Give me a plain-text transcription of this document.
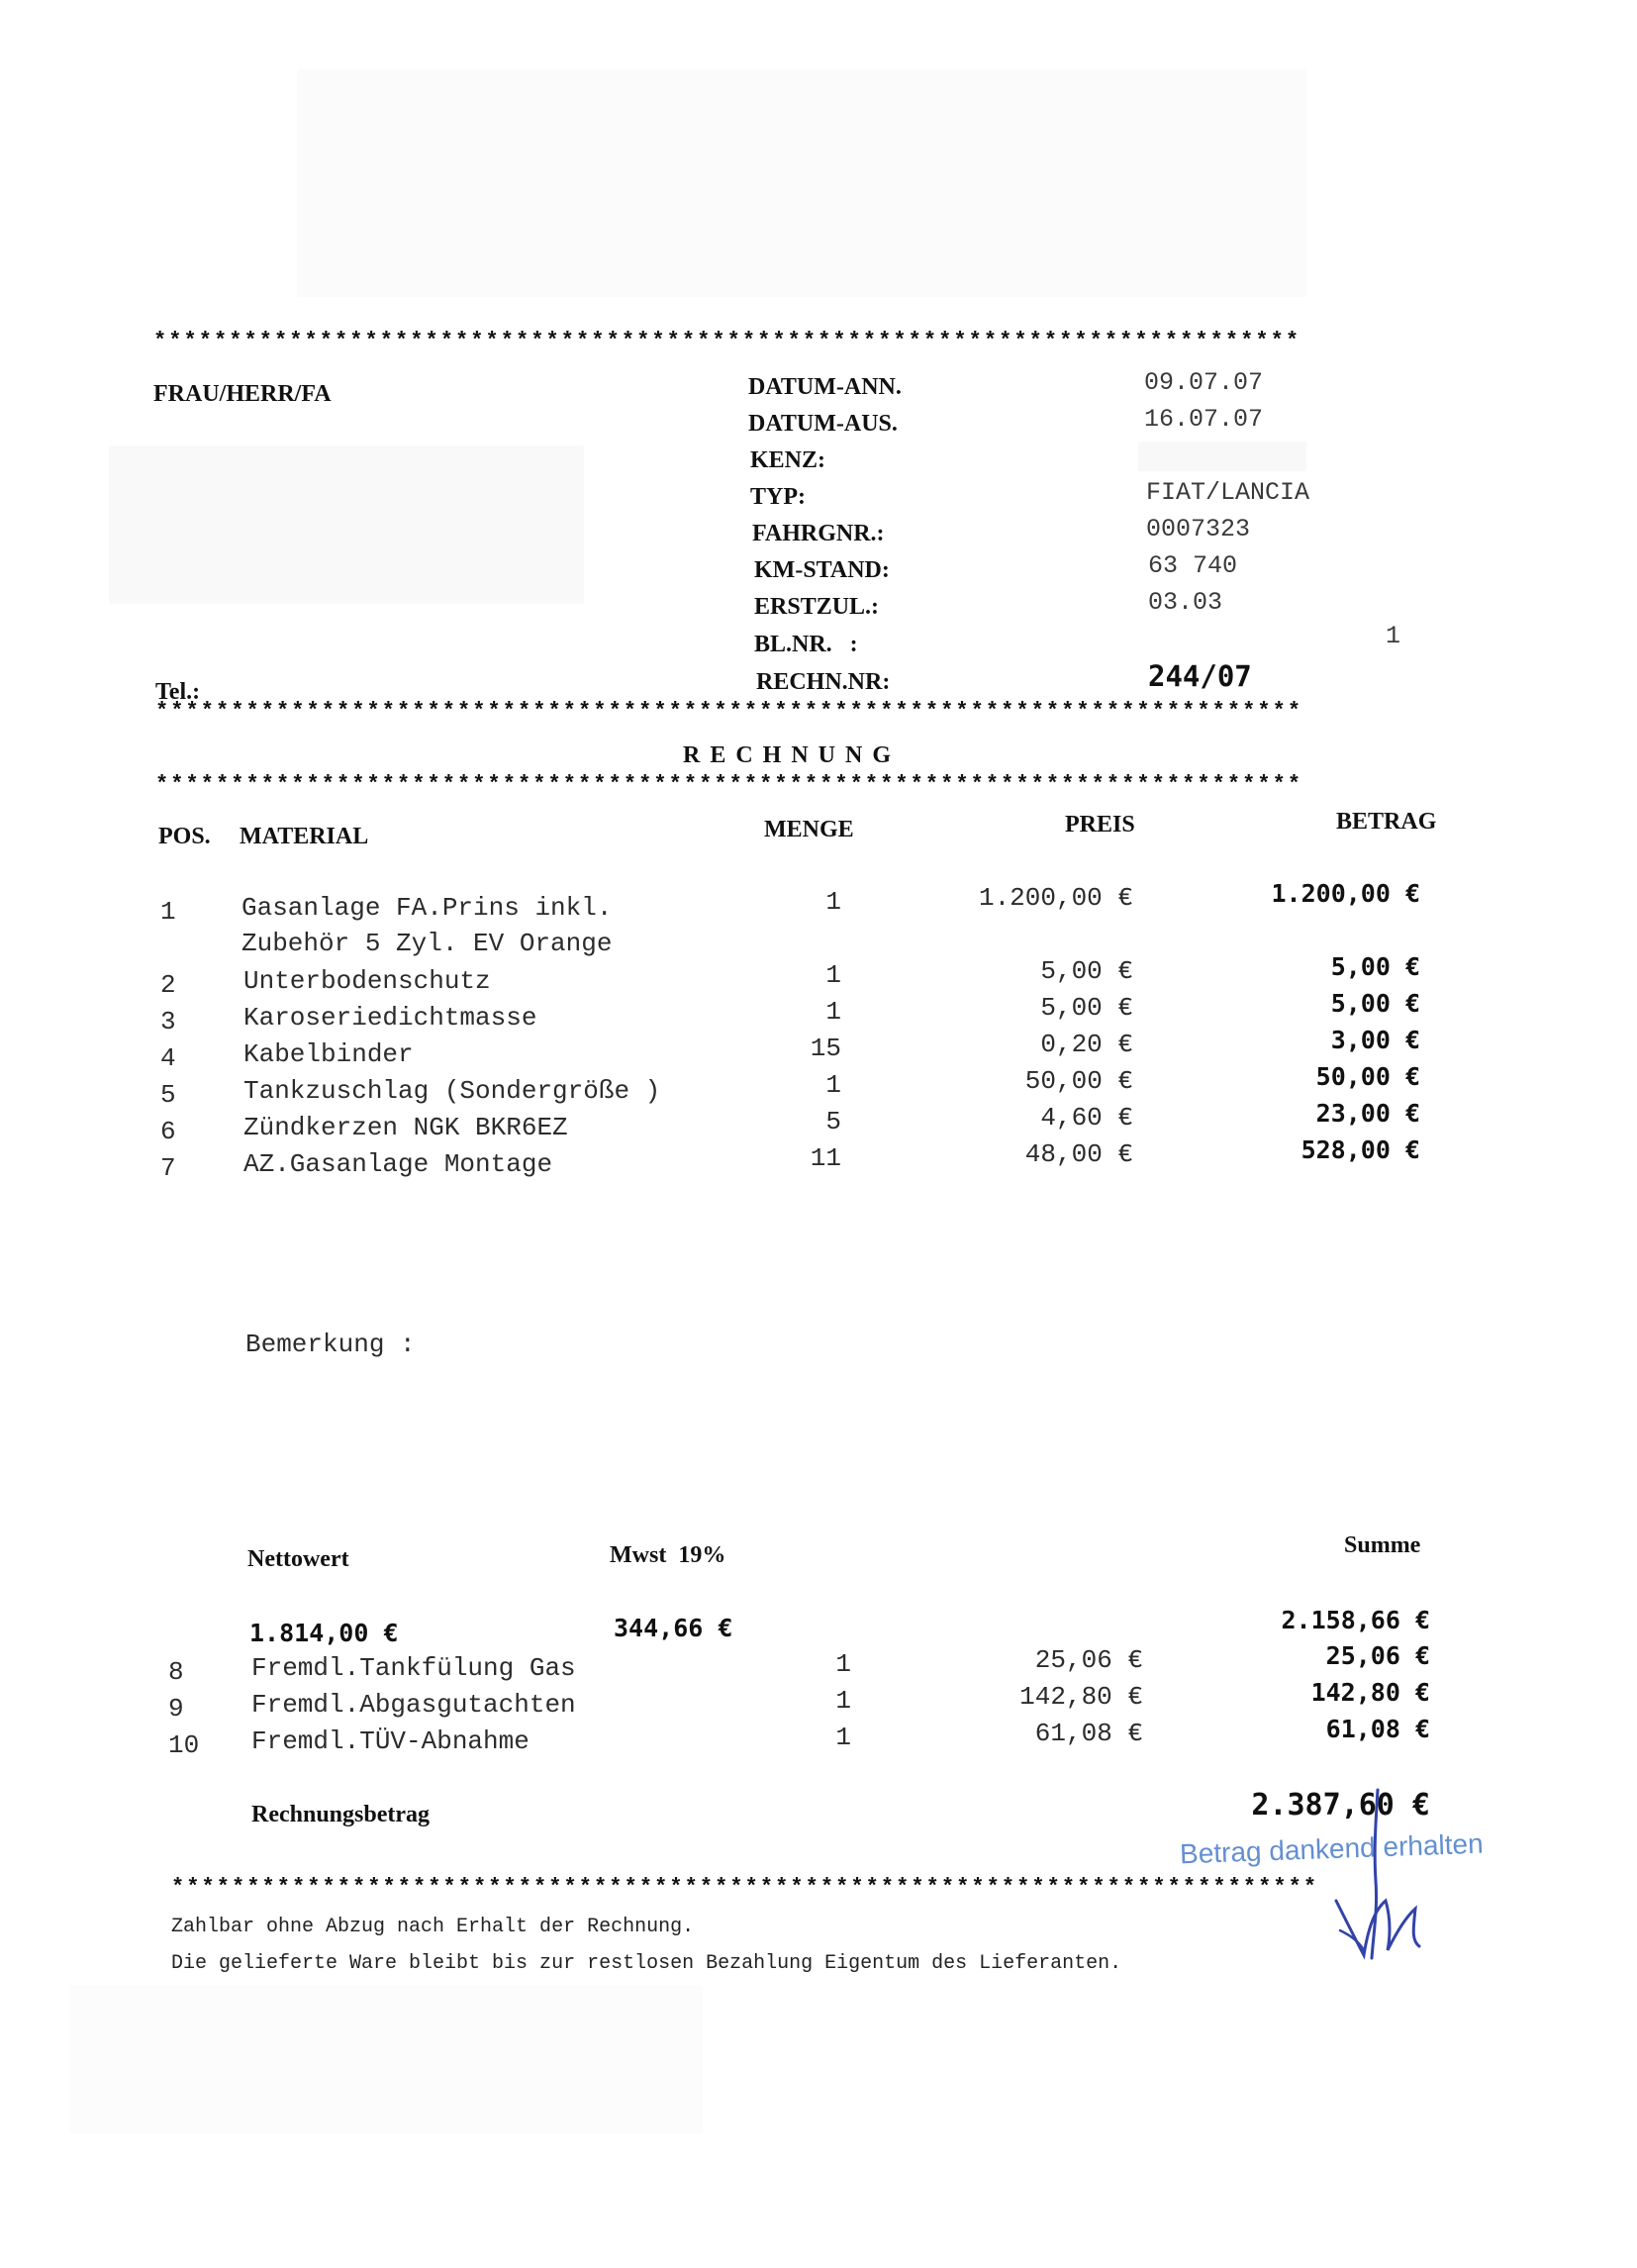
****************************************************************************
FRAU/HERR/FA
Tel.:
DATUM-ANN.	09.07.07
DATUM-AUS.	16.07.07
KENZ:
TYP:	FIAT/LANCIA
FAHRGNR.:	0007323
KM-STAND:	63 740
ERSTZUL.:	03.03
BL.NR.   :	1
RECHN.NR:	244/07
****************************************************************************
R E C H N U N G
****************************************************************************
POS. MATERIAL	MENGE	PREIS	BETRAG
1	Gasanlage FA.Prins inkl.	1	1.200,00 €	1.200,00 €
Zubehör 5 Zyl. EV Orange
2	Unterbodenschutz	1	5,00 €	5,00 €
3	Karoseriedichtmasse	1	5,00 €	5,00 €
4	Kabelbinder	15	0,20 €	3,00 €
5	Tankzuschlag (Sondergröße )	1	50,00 €	50,00 €
6	Zündkerzen NGK BKR6EZ	5	4,60 €	23,00 €
7	AZ.Gasanlage Montage	11	48,00 €	528,00 €
Bemerkung :
Nettowert	Mwst  19%	Summe
1.814,00 €	344,66 €	2.158,66 €
8	Fremdl.Tankfülung Gas	1	25,06 €	25,06 €
9	Fremdl.Abgasgutachten	1	142,80 €	142,80 €
10 Fremdl.TÜV-Abnahme	1	61,08 €	61,08 €
Rechnungsbetrag	2.387,60 €
Betrag dankend erhalten
****************************************************************************
Zahlbar ohne Abzug nach Erhalt der Rechnung.
Die gelieferte Ware bleibt bis zur restlosen Bezahlung Eigentum des Lieferanten.
